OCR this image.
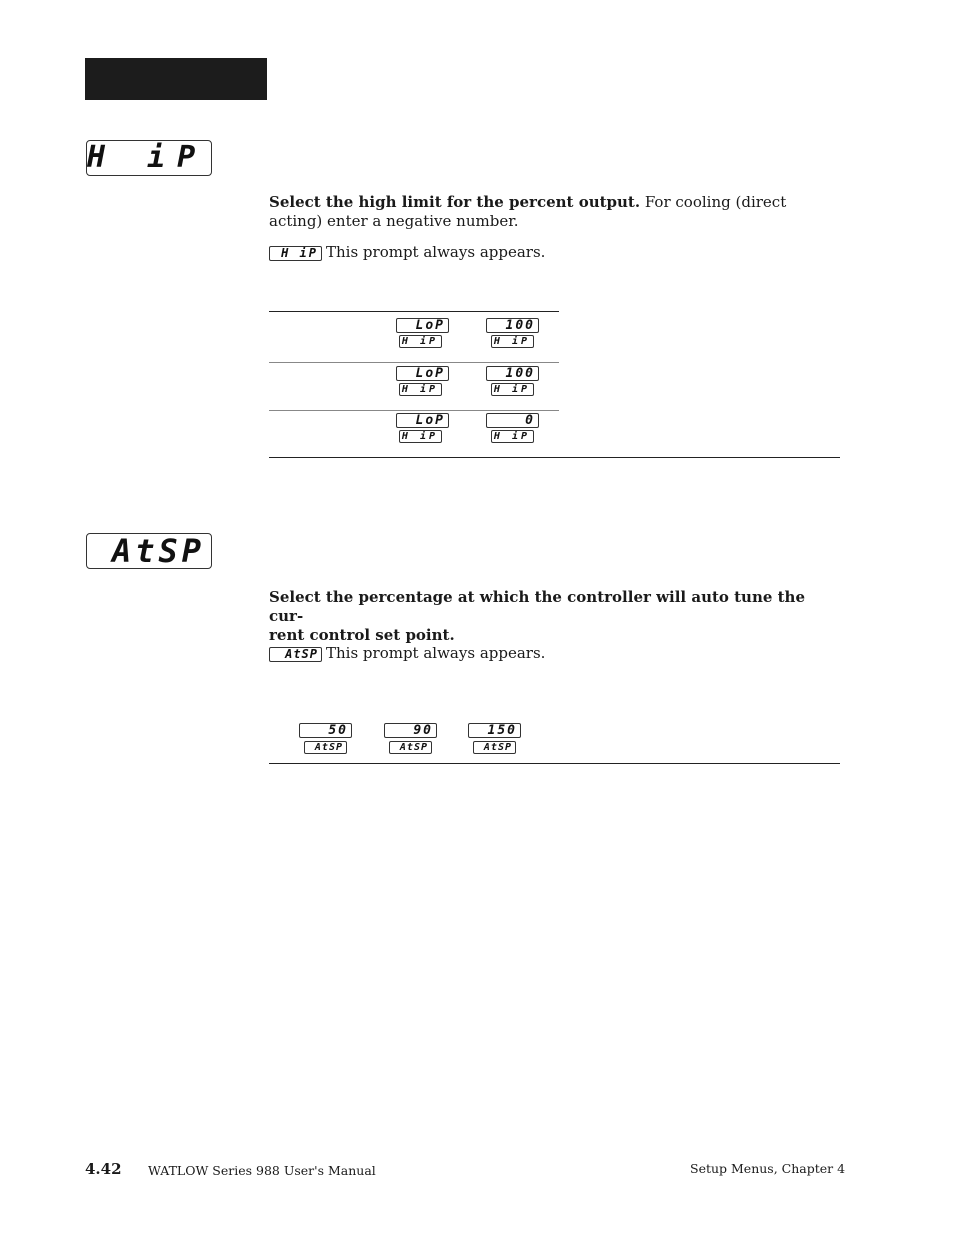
H iP
Select the high limit for the percent output. For cooling (direct acting) enter a negative number.
H iP This prompt always appears.
LoP
H iP
100
H iP
LoP
H iP
100
H iP
LoP
H iP
0
H iP
AtSP
Select the percentage at which the controller will auto tune the cur-
rent control set point.
AtSP This prompt always appears.
50
AtSP
90
AtSP
150
AtSP
4.42 WATLOW Series 988 User's Manual	Setup Menus, Chapter 4
